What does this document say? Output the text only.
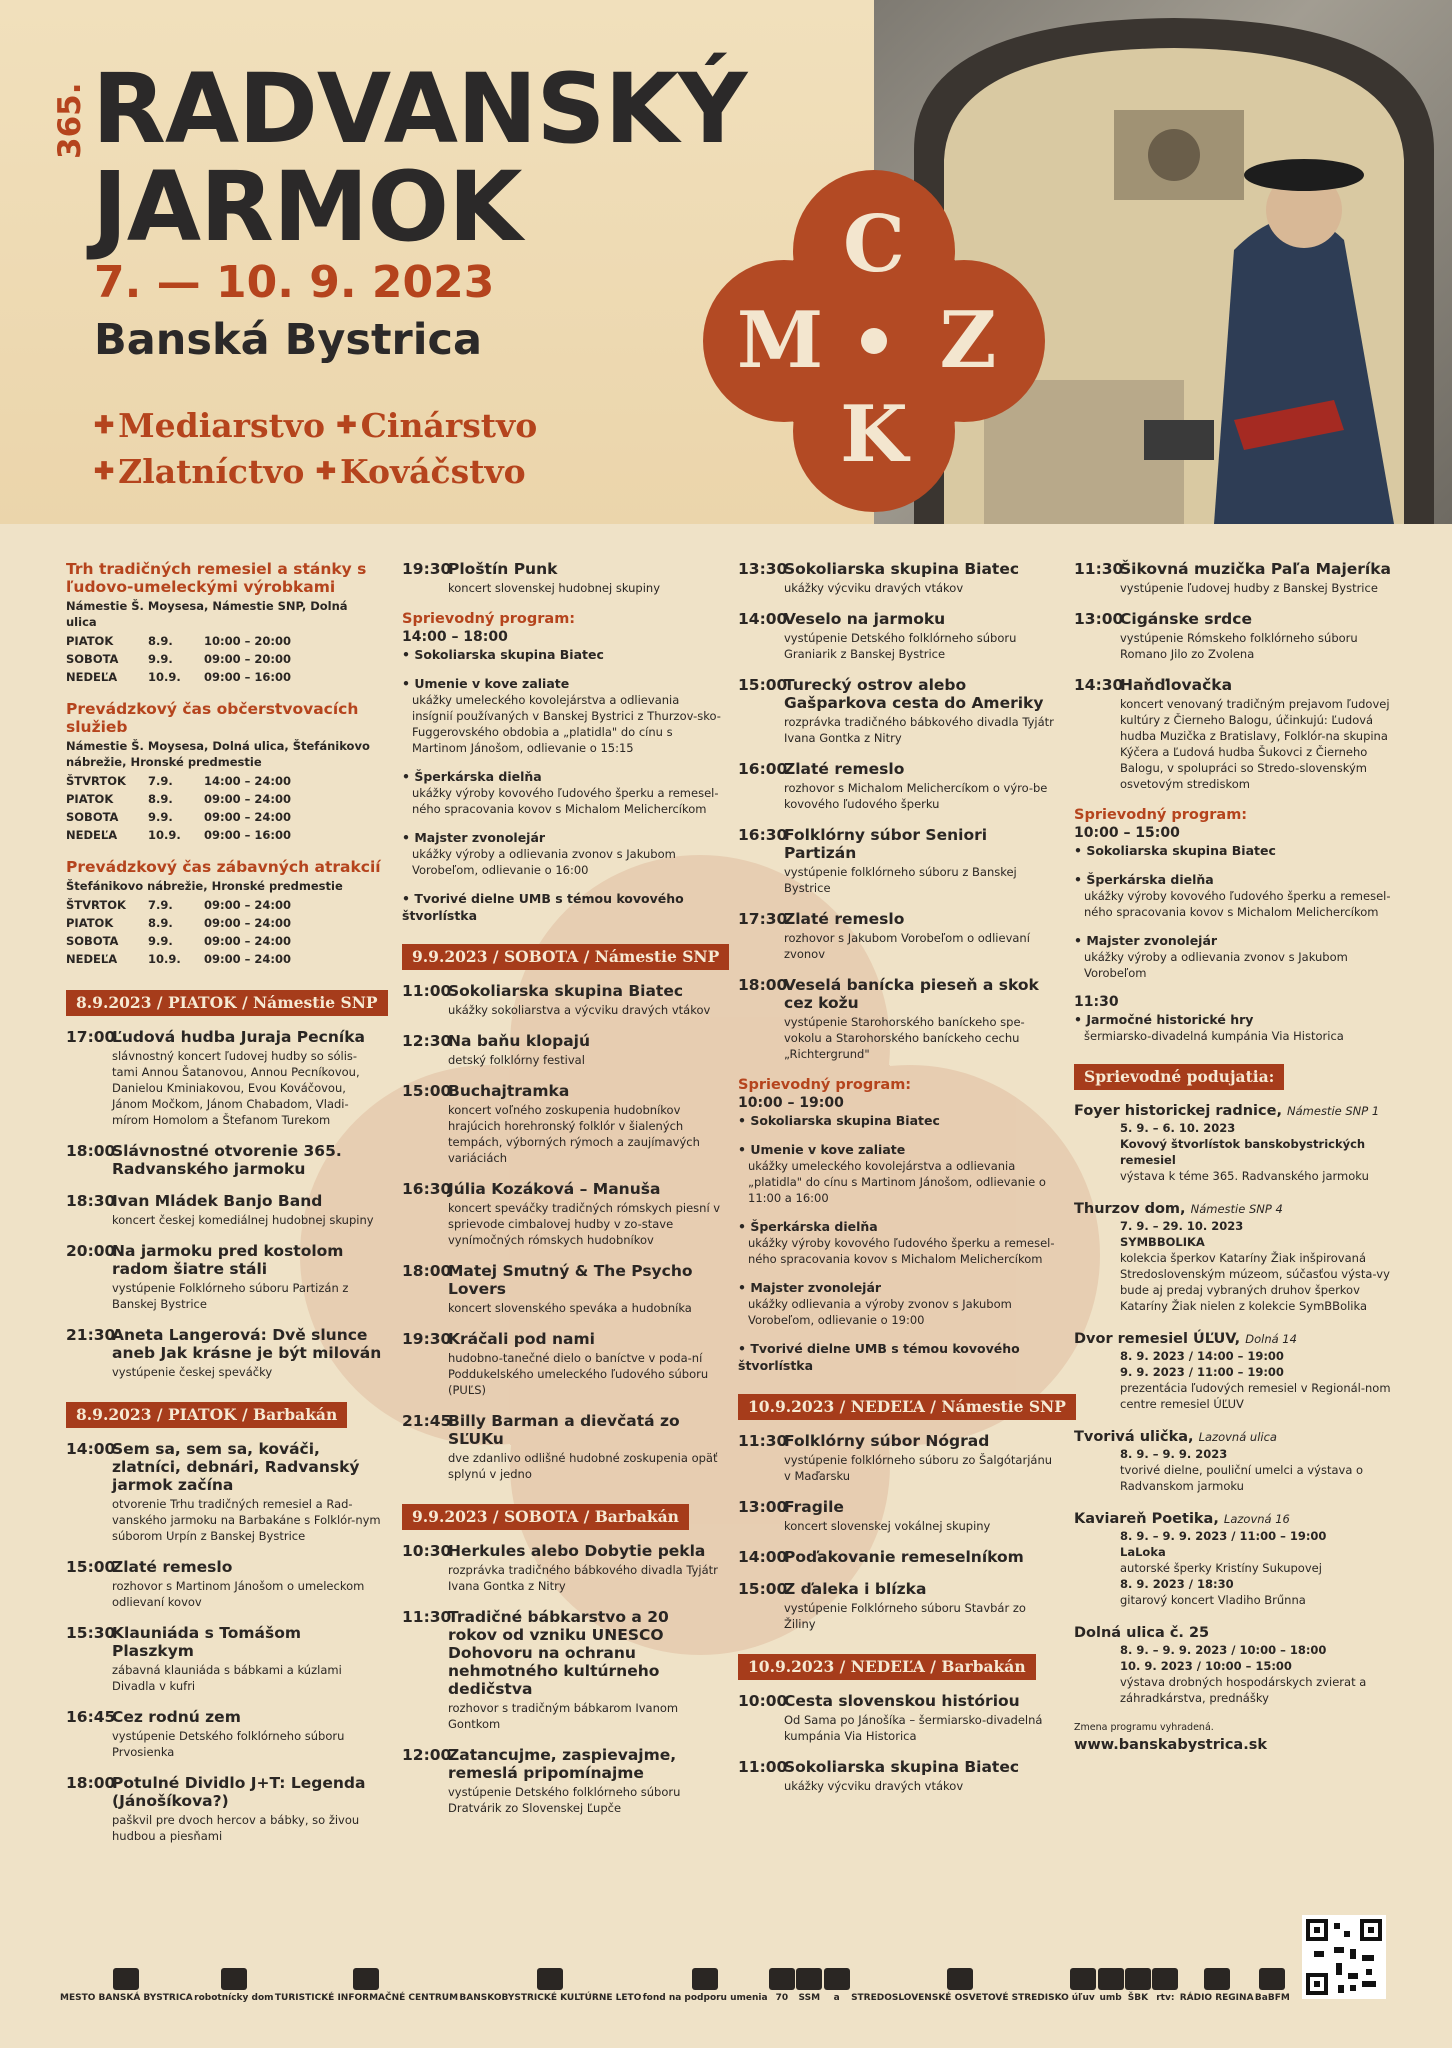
365. RADVANSKÝ
JARMOK
7. — 10. 9. 2023
Banská Bystrica
✚ Mediarstvo ✚ Cinárstvo
✚ Zlatníctvo ✚ Kováčstvo
C
M	Z
K
Trh tradičných remesiel a stánky s ľudovo-umeleckými výrobkami
Námestie Š. Moysesa, Námestie SNP, Dolná ulica
PIATOK	8.9.	10:00 – 20:00
SOBOTA	9.9.	09:00 – 20:00
NEDEĽA	10.9.	09:00 – 16:00
Prevádzkový čas občerstvovacích služieb
Námestie Š. Moysesa, Dolná ulica, Štefánikovo nábrežie, Hronské predmestie
ŠTVRTOK	7.9.	14:00 – 24:00
PIATOK	8.9.	09:00 – 24:00
SOBOTA	9.9.	09:00 – 24:00
NEDEĽA	10.9.	09:00 – 16:00
Prevádzkový čas zábavných atrakcií
Štefánikovo nábrežie, Hronské predmestie
ŠTVRTOK	7.9.	09:00 – 24:00
PIATOK	8.9.	09:00 – 24:00
SOBOTA	9.9.	09:00 – 24:00
NEDEĽA	10.9.	09:00 – 24:00
8.9.2023 / PIATOK / Námestie SNP
17:00
Ľudová hudba Juraja Pecníka
slávnostný koncert ľudovej hudby so sólis-tami Annou Šatanovou, Annou Pecníkovou, Danielou Kminiakovou, Evou Kováčovou, Jánom Močkom, Jánom Chabadom, Vladi-mírom Homolom a Štefanom Turekom
18:00
Slávnostné otvorenie 365. Radvanského jarmoku
18:30
Ivan Mládek Banjo Band
koncert českej komediálnej hudobnej skupiny
20:00
Na jarmoku pred kostolom radom šiatre stáli
vystúpenie Folklórneho súboru Partizán z Banskej Bystrice
21:30
Aneta Langerová: Dvě slunce aneb Jak krásne je být milován
vystúpenie českej speváčky
8.9.2023 / PIATOK / Barbakán
14:00
Sem sa, sem sa, kováči, zlatníci, debnári, Radvanský jarmok začína
otvorenie Trhu tradičných remesiel a Rad-vanského jarmoku na Barbakáne s Folklór-nym súborom Urpín z Banskej Bystrice
15:00
Zlaté remeslo
rozhovor s Martinom Jánošom o umeleckom odlievaní kovov
15:30
Klauniáda s Tomášom Plaszkym
zábavná klauniáda s bábkami a kúzlami Divadla v kufri
16:45
Cez rodnú zem
vystúpenie Detského folklórneho súboru Prvosienka
18:00
Potulné Dividlo J+T: Legenda (Jánošíkova?)
paškvil pre dvoch hercov a bábky, so živou hudbou a piesňami
19:30
Ploštín Punk
koncert slovenskej hudobnej skupiny
Sprievodný program:
14:00 – 18:00
• Sokoliarska skupina Biatec
• Umenie v kove zaliate
ukážky umeleckého kovolejárstva a odlievania insígnií používaných v Banskej Bystrici z Thurzov-sko-Fuggerovského obdobia a „platidla" do cínu s Martinom Jánošom, odlievanie o 15:15
• Šperkárska dielňa
ukážky výroby kovového ľudového šperku a remesel-ného spracovania kovov s Michalom Melichercíkom
• Majster zvonolejár
ukážky výroby a odlievania zvonov s Jakubom Vorobeľom, odlievanie o 16:00
• Tvorivé dielne UMB s témou kovového štvorlístka
9.9.2023 / SOBOTA / Námestie SNP
11:00
Sokoliarska skupina Biatec
ukážky sokoliarstva a výcviku dravých vtákov
12:30
Na baňu klopajú
detský folklórny festival
15:00
Buchajtramka
koncert voľného zoskupenia hudobníkov hrajúcich horehronský folklór v šialených tempách, výborných rýmoch a zaujímavých variáciách
16:30
Júlia Kozáková – Manuša
koncert speváčky tradičných rómskych piesní v sprievode cimbalovej hudby v zo-stave vynímočných rómskych hudobníkov
18:00
Matej Smutný & The Psycho Lovers
koncert slovenského speváka a hudobníka
19:30
Kráčali pod nami
hudobno-tanečné dielo o baníctve v poda-ní Poddukelského umeleckého ľudového súboru (PUĽS)
21:45
Billy Barman a dievčatá zo SĽUKu
dve zdanlivo odlišné hudobné zoskupenia opäť splynú v jedno
9.9.2023 / SOBOTA / Barbakán
10:30
Herkules alebo Dobytie pekla
rozprávka tradičného bábkového divadla Tyjátr Ivana Gontka z Nitry
11:30
Tradičné bábkarstvo a 20 rokov od vzniku UNESCO Dohovoru na ochranu nehmotného kultúrneho dedičstva
rozhovor s tradičným bábkarom Ivanom Gontkom
12:00
Zatancujme, zaspievajme, remeslá pripomínajme
vystúpenie Detského folklórneho súboru Dratvárik zo Slovenskej Ľupče
13:30
Sokoliarska skupina Biatec
ukážky výcviku dravých vtákov
14:00
Veselo na jarmoku
vystúpenie Detského folklórneho súboru Graniarik z Banskej Bystrice
15:00
Turecký ostrov alebo Gašparkova cesta do Ameriky
rozprávka tradičného bábkového divadla Tyjátr Ivana Gontka z Nitry
16:00
Zlaté remeslo
rozhovor s Michalom Melichercíkom o výro-be kovového ľudového šperku
16:30
Folklórny súbor Seniori Partizán
vystúpenie folklórneho súboru z Banskej Bystrice
17:30
Zlaté remeslo
rozhovor s Jakubom Vorobeľom o odlievaní zvonov
18:00
Veselá banícka pieseň a skok cez kožu
vystúpenie Starohorského baníckeho spe-vokolu a Starohorského baníckeho cechu „Richtergrund"
Sprievodný program:
10:00 – 19:00
• Sokoliarska skupina Biatec
• Umenie v kove zaliate
ukážky umeleckého kovolejárstva a odlievania „platidla" do cínu s Martinom Jánošom, odlievanie o 11:00 a 16:00
• Šperkárska dielňa
ukážky výroby kovového ľudového šperku a remesel-ného spracovania kovov s Michalom Melichercíkom
• Majster zvonolejár
ukážky odlievania a výroby zvonov s Jakubom Vorobeľom, odlievanie o 19:00
• Tvorivé dielne UMB s témou kovového štvorlístka
10.9.2023 / NEDEĽA / Námestie SNP
11:30
Folklórny súbor Nógrad
vystúpenie folklórneho súboru zo Šalgótarjánu v Maďarsku
13:00
Fragile
koncert slovenskej vokálnej skupiny
14:00
Poďakovanie remeselníkom
15:00
Z ďaleka i blízka
vystúpenie Folklórneho súboru Stavbár zo Žiliny
10.9.2023 / NEDEĽA / Barbakán
10:00
Cesta slovenskou históriou
Od Sama po Jánošíka – šermiarsko-divadelná kumpánia Via Historica
11:00
Sokoliarska skupina Biatec
ukážky výcviku dravých vtákov
11:30
Šikovná muzička Paľa Majeríka
vystúpenie ľudovej hudby z Banskej Bystrice
13:00
Cigánske srdce
vystúpenie Rómskeho folklórneho súboru Romano Jilo zo Zvolena
14:30
Haňďlovačka
koncert venovaný tradičným prejavom ľudovej kultúry z Čierneho Balogu, účinkujú: Ľudová hudba Muzička z Bratislavy, Folklór-na skupina Kýčera a Ľudová hudba Šukovci z Čierneho Balogu, v spolupráci so Stredo-slovenským osvetovým strediskom
Sprievodný program:
10:00 – 15:00
• Sokoliarska skupina Biatec
• Šperkárska dielňa
ukážky výroby kovového ľudového šperku a remesel-ného spracovania kovov s Michalom Melichercíkom
• Majster zvonolejár
ukážky výroby a odlievania zvonov s Jakubom Vorobeľom
11:30
• Jarmočné historické hry
šermiarsko-divadelná kumpánia Via Historica
Sprievodné podujatia:
Foyer historickej radnice, Námestie SNP 1
5. 9. – 6. 10. 2023
Kovový štvorlístok banskobystrických remesiel
výstava k téme 365. Radvanského jarmoku

Thurzov dom, Námestie SNP 4
7. 9. – 29. 10. 2023
SYMBBOLIKA
kolekcia šperkov Kataríny Žiak inšpirovaná Stredoslovenským múzeom, súčasťou výsta-vy bude aj predaj vybraných druhov šperkov Kataríny Žiak nielen z kolekcie SymBBolika

Dvor remesiel ÚĽUV, Dolná 14
8. 9. 2023 / 14:00 – 19:00
9. 9. 2023 / 11:00 – 19:00
prezentácia ľudových remesiel v Regionál-nom centre remesiel ÚĽUV

Tvorivá ulička, Lazovná ulica
8. 9. – 9. 9. 2023
tvorivé dielne, pouliční umelci a výstava o Radvanskom jarmoku

Kaviareň Poetika, Lazovná 16
8. 9. – 9. 9. 2023 / 11:00 – 19:00
LaLoka
autorské šperky Kristíny Sukupovej
8. 9. 2023 / 18:30
gitarový koncert Vladiho Brűnna

Dolná ulica č. 25
8. 9. – 9. 9. 2023 / 10:00 – 18:00
10. 9. 2023 / 10:00 – 15:00
výstava drobných hospodárskych zvierat a záhradkárstva, prednášky

Zmena programu vyhradená.
www.banskabystrica.sk
MESTO BANSKÁ BYSTRICA robotnícky dom TURISTICKÉ INFORMAČNÉ CENTRUM BANSKOBYSTRICKÉ KULTÚRNE LETO fond na podporu umenia 70	SSM	a	STREDOSLOVENSKÉ OSVETOVÉ STREDISKO úľuv umb ŠBK rtv: RÁDIO REGINA BaBFM
